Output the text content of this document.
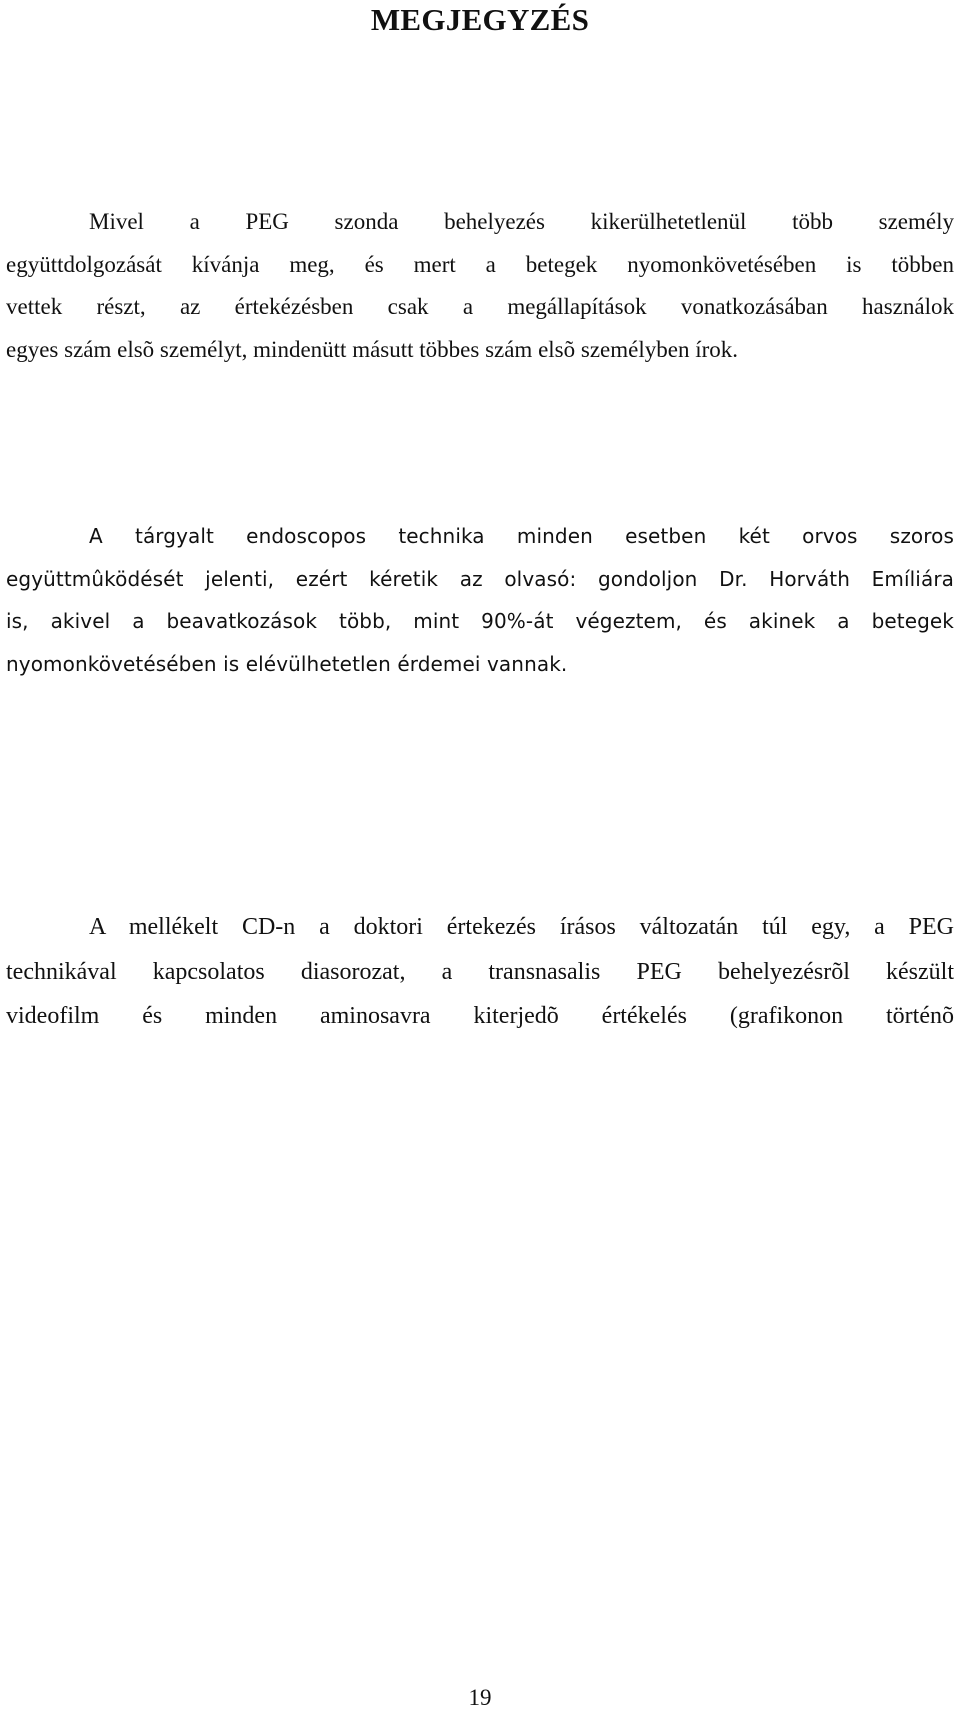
MEGJEGYZÉS
Mivel a PEG szonda behelyezés kikerülhetetlenül több személy
együttdolgozását kívánja meg, és mert a betegek nyomonkövetésében is többen
vettek részt, az értekézésben csak a megállapítások vonatkozásában használok
egyes szám elsõ személyt, mindenütt másutt többes szám elsõ személyben írok.
A tárgyalt endoscopos technika minden esetben két orvos szoros
együttmûködését jelenti, ezért kéretik az olvasó: gondoljon Dr. Horváth Emíliára
is, akivel a beavatkozások több, mint 90%-át végeztem, és akinek a betegek
nyomonkövetésében is elévülhetetlen érdemei vannak.
A mellékelt CD-n a doktori értekezés írásos változatán túl egy, a PEG
technikával kapcsolatos diasorozat, a transnasalis PEG behelyezésrõl készült
videofilm és minden aminosavra kiterjedõ értékelés (grafikonon történõ
19
